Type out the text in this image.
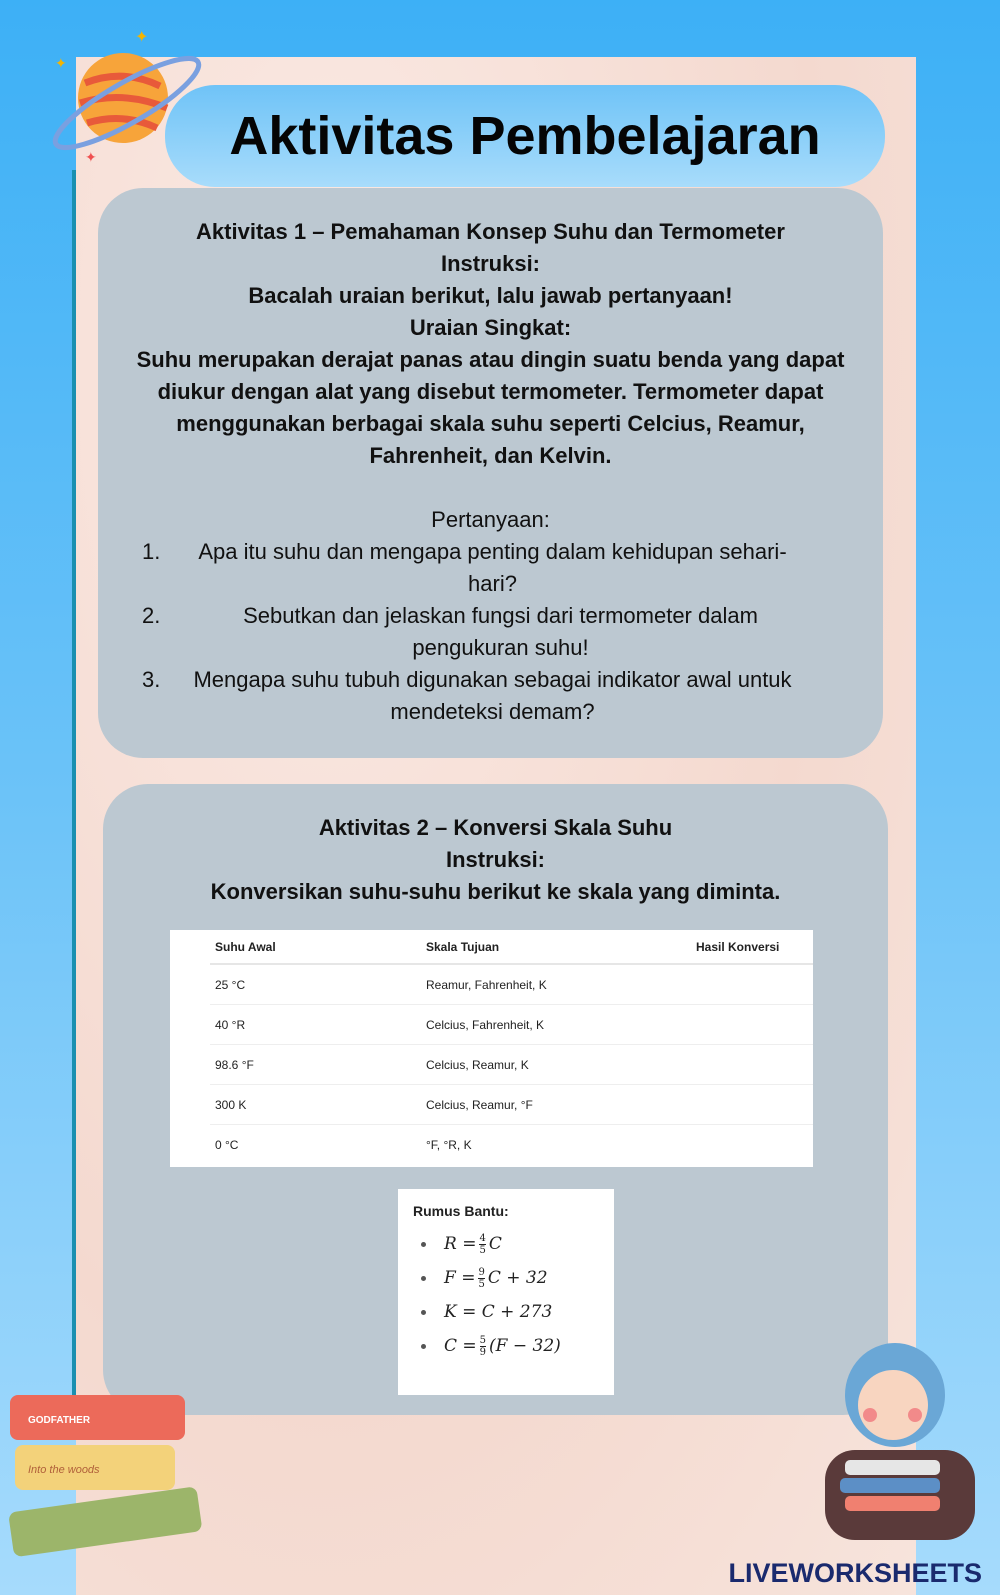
✦
✦
✦ Aktivitas Pembelajaran
Aktivitas 1 – Pemahaman Konsep Suhu dan Termometer
Instruksi:
Bacalah uraian berikut, lalu jawab pertanyaan!
Uraian Singkat:
Suhu merupakan derajat panas atau dingin suatu benda yang dapat diukur dengan alat yang disebut termometer. Termometer dapat menggunakan berbagai skala suhu seperti Celcius, Reamur, Fahrenheit, dan Kelvin.
Pertanyaan:
1. Apa itu suhu dan mengapa penting dalam kehidupan sehari-hari?
2.	Sebutkan dan jelaskan fungsi dari termometer dalam pengukuran suhu!
3. Mengapa suhu tubuh digunakan sebagai indikator awal untuk mendeteksi demam?
Aktivitas 2 – Konversi Skala Suhu
Instruksi:
Konversikan suhu-suhu berikut ke skala yang diminta.
Suhu Awal	Skala Tujuan	Hasil Konversi
25 °C	Reamur, Fahrenheit, K
40 °R	Celcius, Fahrenheit, K
98.6 °F	Celcius, Reamur, K
300 K	Celcius, Reamur, °F
0 °C	°F, °R, K
Rumus Bantu:
$R = \frac{4}{5}$ C
$F = \frac{9}{5}$ C + 32
K = C + 273
$C = \frac{5}{9} (F - 32)$
GODFATHER
Into the woods
LIVEWORKSHEETS
